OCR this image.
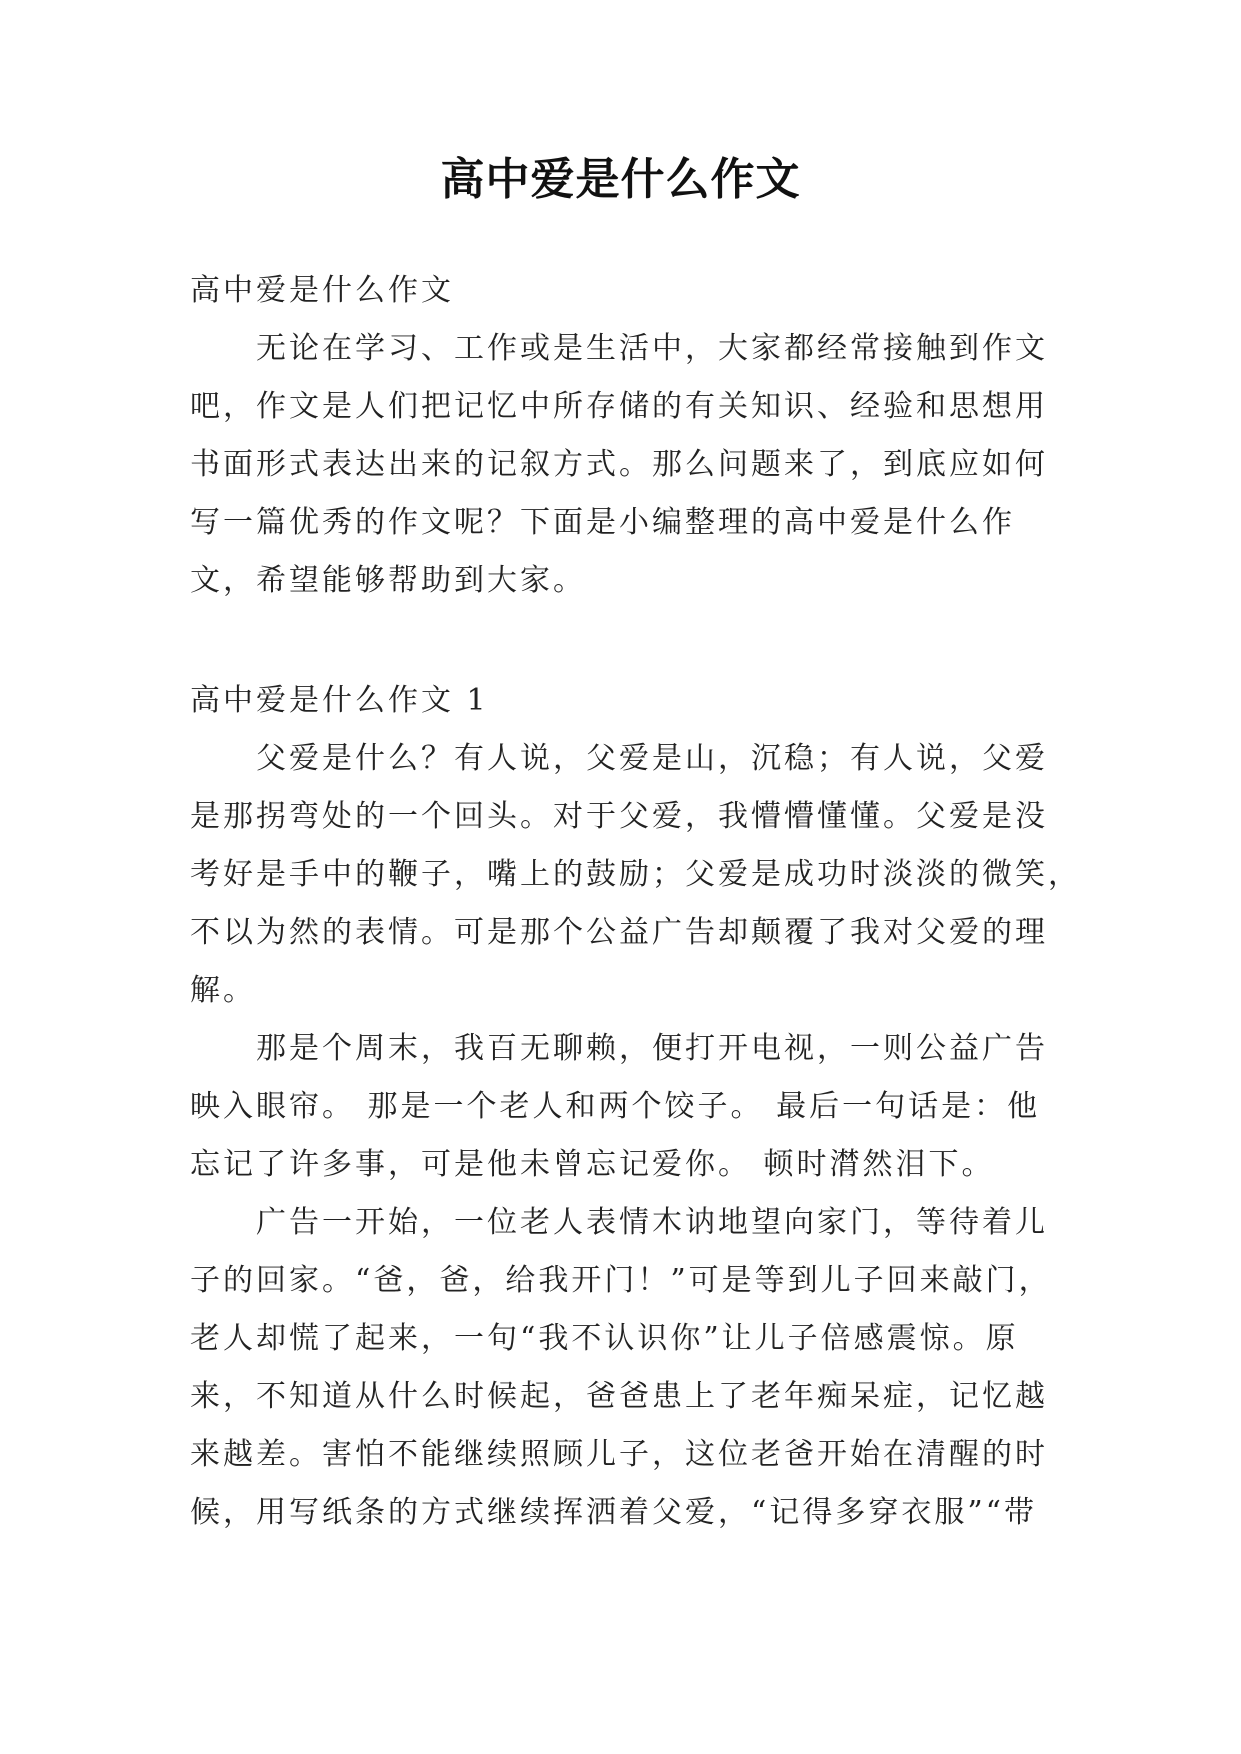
高中爱是什么作文
高中爱是什么作文
无论在学习、工作或是生活中，大家都经常接触到作文
吧，作文是人们把记忆中所存储的有关知识、经验和思想用
书面形式表达出来的记叙方式。那么问题来了，到底应如何
写一篇优秀的作文呢？下面是小编整理的高中爱是什么作
文，希望能够帮助到大家。
高中爱是什么作文 1
父爱是什么？有人说，父爱是山，沉稳；有人说，父爱
是那拐弯处的一个回头。对于父爱，我懵懵懂懂。父爱是没
考好是手中的鞭子，嘴上的鼓励；父爱是成功时淡淡的微笑，
不以为然的表情。可是那个公益广告却颠覆了我对父爱的理
解。
那是个周末，我百无聊赖，便打开电视，一则公益广告
映入眼帘。 那是一个老人和两个饺子。 最后一句话是：他
忘记了许多事，可是他未曾忘记爱你。 顿时潸然泪下。
广告一开始，一位老人表情木讷地望向家门，等待着儿
子的回家。“爸，爸，给我开门！”可是等到儿子回来敲门，
老人却慌了起来，一句“我不认识你”让儿子倍感震惊。原
来，不知道从什么时候起，爸爸患上了老年痴呆症，记忆越
来越差。害怕不能继续照顾儿子，这位老爸开始在清醒的时
候，用写纸条的方式继续挥洒着父爱，“记得多穿衣服”“带
